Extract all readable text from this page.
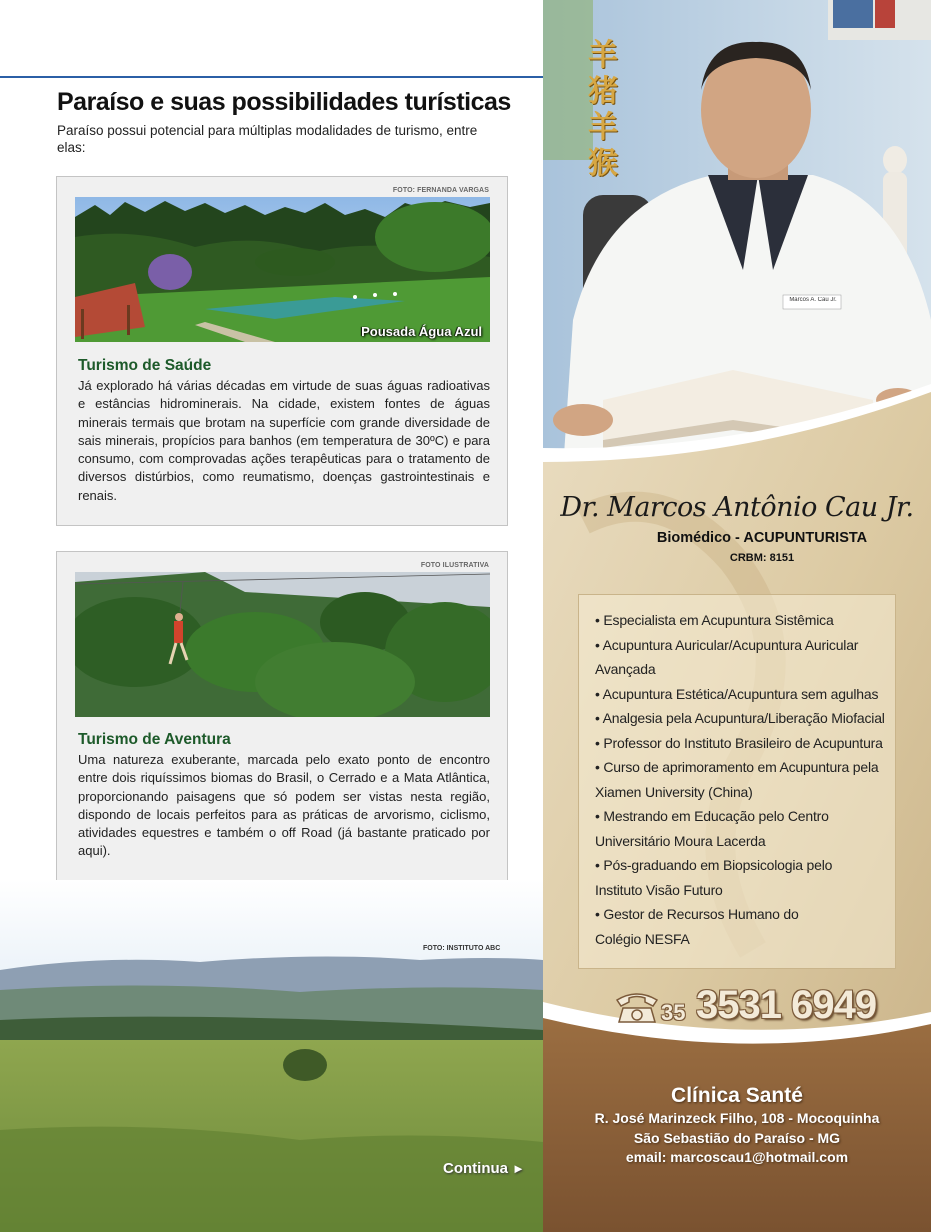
Paraíso e suas possibilidades turísticas
Paraíso possui potencial para múltiplas modalidades de turismo, entre elas:
FOTO: FERNANDA VARGAS
Pousada Água Azul
Turismo de Saúde

Já explorado há várias décadas em virtude de suas águas radioativas e estâncias hidrominerais. Na cidade, existem fontes de águas minerais termais que brotam na superfície com grande diversidade de sais minerais, propícios para banhos (em temperatura de 30ºC) e para consumo, com comprovadas ações terapêuticas para o tratamento de diversos distúrbios, como reumatismo, doenças gastrointestinais e renais.

FOTO ILUSTRATIVA
Turismo de Aventura

Uma natureza exuberante, marcada pelo exato ponto de encontro entre dois riquíssimos biomas do Brasil, o Cerrado e a Mata Atlântica, proporcionando paisagens que só podem ser vistas nesta região, dispondo de locais perfeitos para as práticas de arvorismo, ciclismo, atividades equestres e também o off Road (já bastante praticado por aqui).

FOTO: INSTITUTO ABC
Continua ►
羊
猪
羊
猴
Marcos A. Cau Jr.
Dr. Marcos Antônio Cau Jr.
Biomédico - ACUPUNTURISTA
CRBM: 8151
• Especialista em Acupuntura Sistêmica
• Acupuntura Auricular/Acupuntura Auricular
Avançada
• Acupuntura Estética/Acupuntura sem agulhas
• Analgesia pela Acupuntura/Liberação Miofacial
• Professor do Instituto Brasileiro de Acupuntura
• Curso de aprimoramento em Acupuntura pela
Xiamen University (China)
• Mestrando em Educação pelo Centro
Universitário Moura Lacerda
• Pós-graduando em Biopsicologia pelo
Instituto Visão Futuro
• Gestor de Recursos Humano do
Colégio NESFA
35 3531 6949
Clínica Santé
R. José Marinzeck Filho, 108 - Mocoquinha
São Sebastião do Paraíso - MG
email: marcoscau1@hotmail.com
